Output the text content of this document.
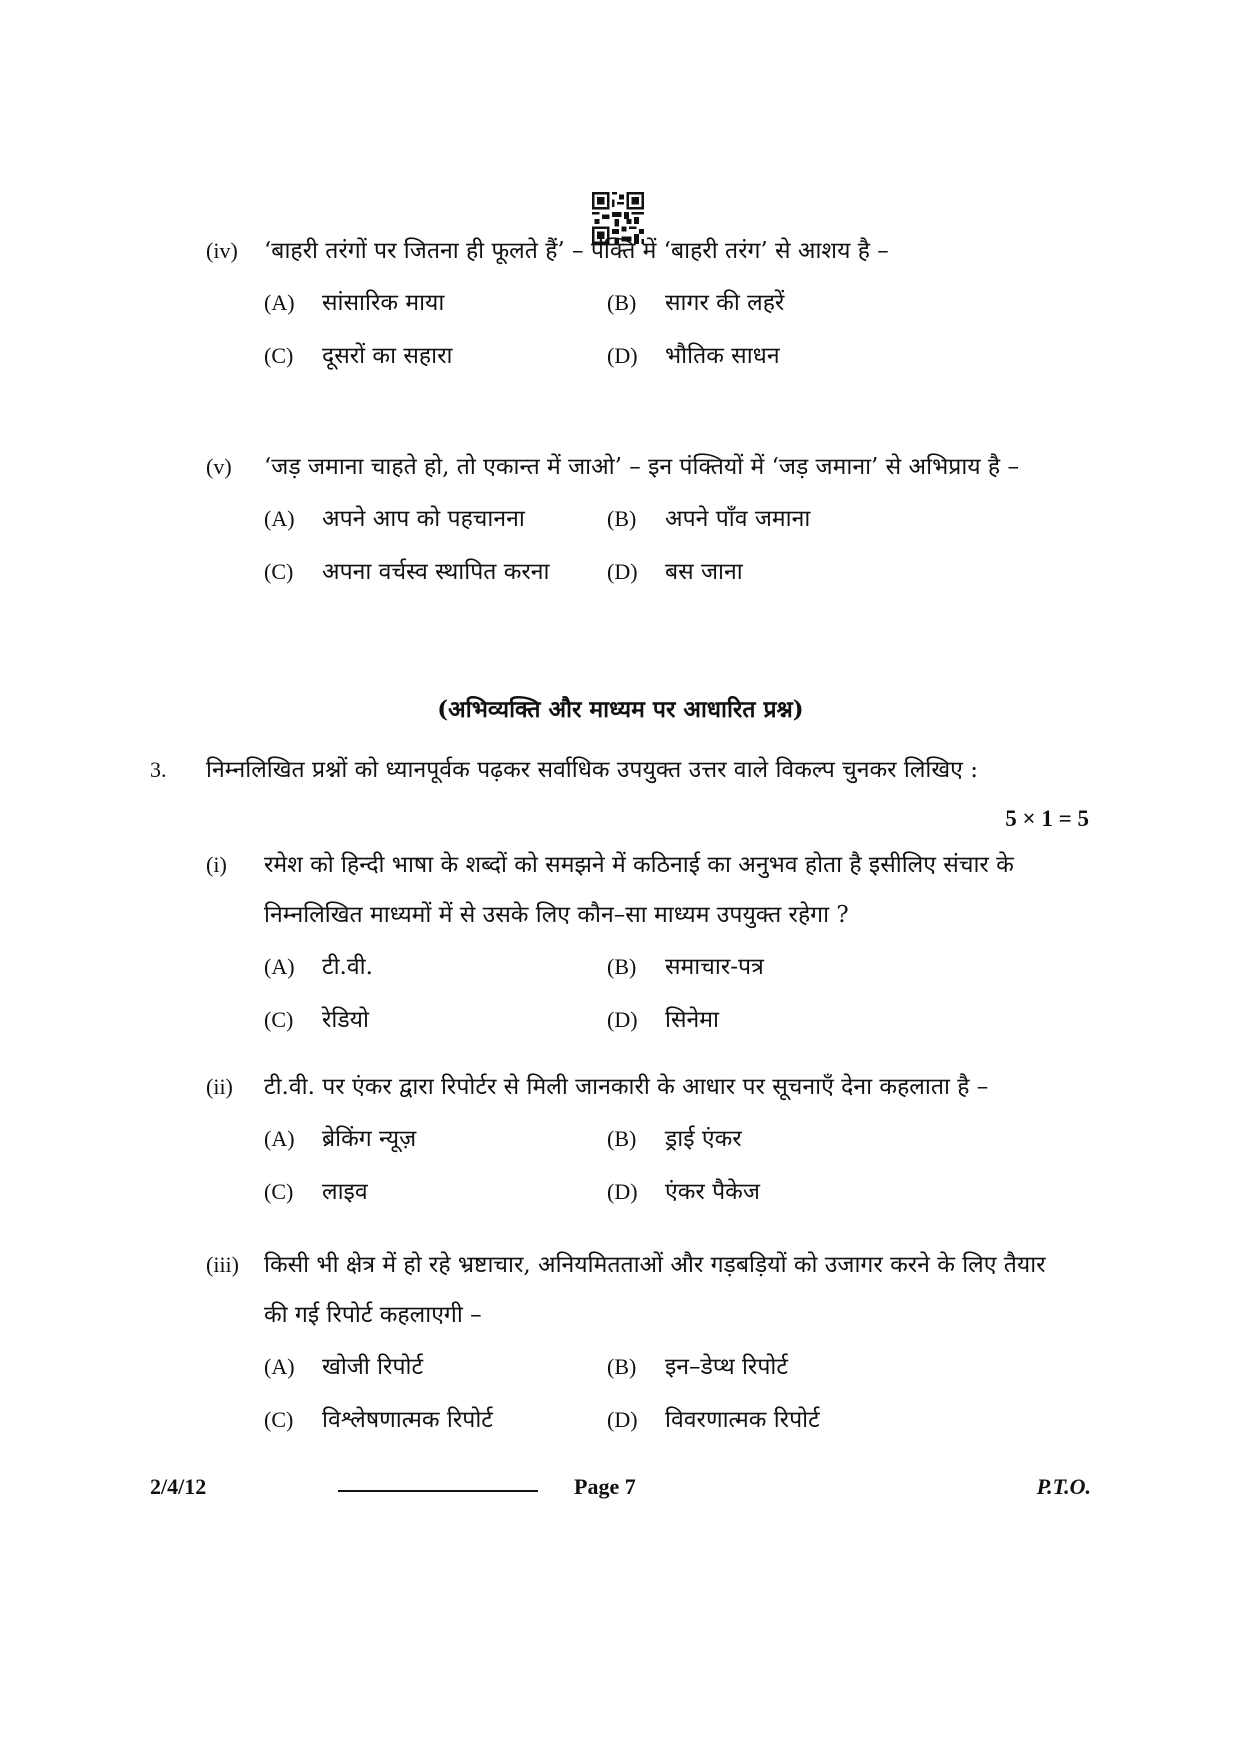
(iv) ‘बाहरी तरंगों पर जितना ही फूलते हैं’ – पंक्ति में ‘बाहरी तरंग’ से आशय है –
(A) सांसारिक माया	(B) सागर की लहरें
(C) दूसरों का सहारा	(D) भौतिक साधन
(v) ‘जड़ जमाना चाहते हो, तो एकान्त में जाओ’ – इन पंक्तियों में ‘जड़ जमाना’ से अभिप्राय है –
(A) अपने आप को पहचानना	(B) अपने पाँव जमाना
(C) अपना वर्चस्व स्थापित करना	(D) बस जाना
(अभिव्यक्ति और माध्यम पर आधारित प्रश्न)
3. निम्नलिखित प्रश्नों को ध्यानपूर्वक पढ़कर सर्वाधिक उपयुक्त उत्तर वाले विकल्प चुनकर लिखिए :
5 × 1 = 5
(i) रमेश को हिन्दी भाषा के शब्दों को समझने में कठिनाई का अनुभव होता है इसीलिए संचार के निम्नलिखित माध्यमों में से उसके लिए कौन–सा माध्यम उपयुक्त रहेगा ?
(A) टी.वी.	(B) समाचार-पत्र
(C) रेडियो	(D) सिनेमा
(ii) टी.वी. पर एंकर द्वारा रिपोर्टर से मिली जानकारी के आधार पर सूचनाएँ देना कहलाता है –
(A) ब्रेकिंग न्यूज़	(B) ड्राई एंकर
(C) लाइव	(D) एंकर पैकेज
(iii) किसी भी क्षेत्र में हो रहे भ्रष्टाचार, अनियमितताओं और गड़बड़ियों को उजागर करने के लिए तैयार की गई रिपोर्ट कहलाएगी –
(A) खोजी रिपोर्ट	(B) इन–डेप्थ रिपोर्ट
(C) विश्लेषणात्मक रिपोर्ट	(D) विवरणात्मक रिपोर्ट
2/4/12	Page 7	P.T.O.
